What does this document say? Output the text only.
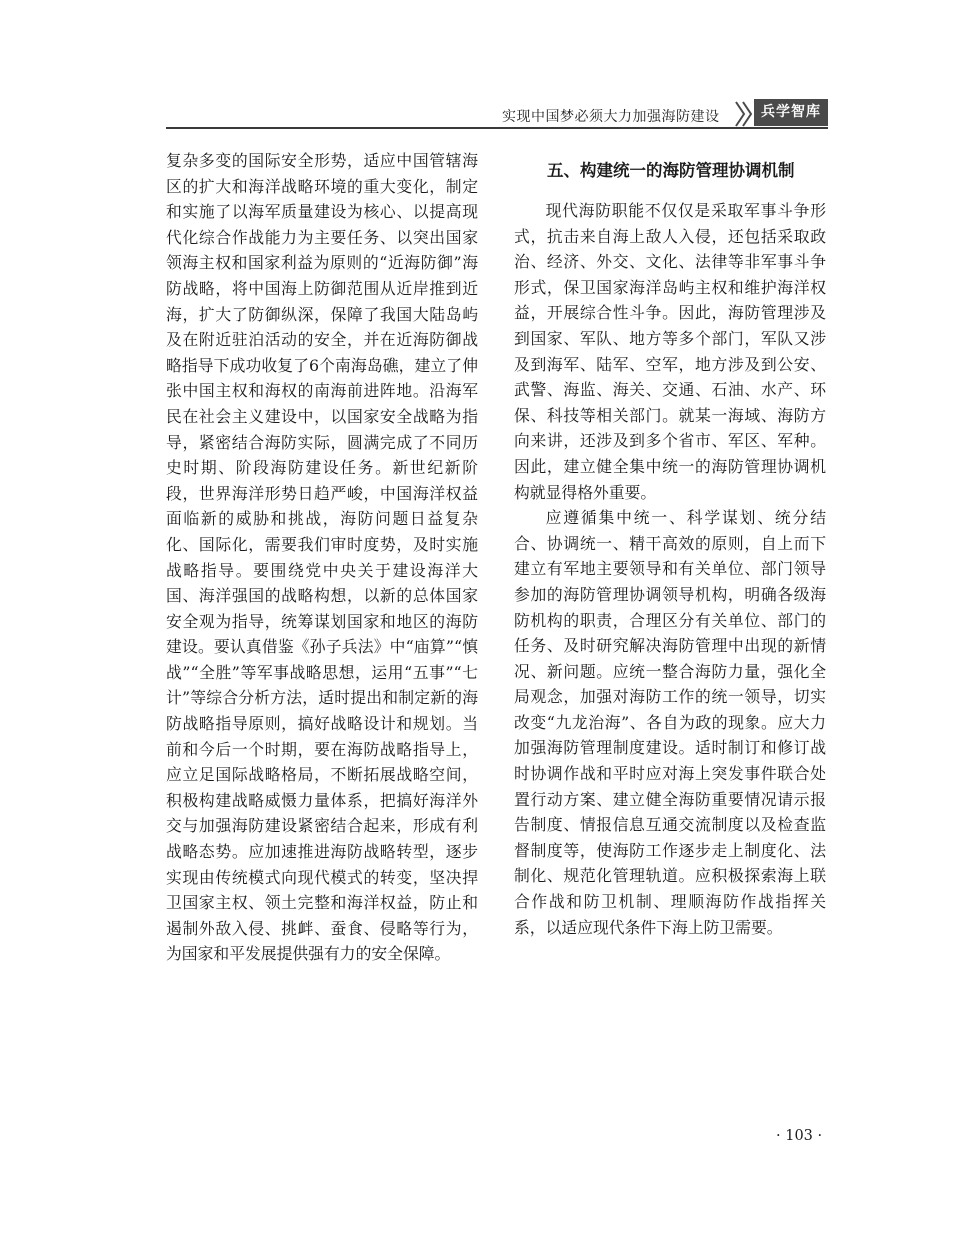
实现中国梦必须大力加强海防建设	兵学智库

复杂多变的国际安全形势，适应中国管辖海区的扩大和海洋战略环境的重大变化，制定和实施了以海军质量建设为核心、以提高现代化综合作战能力为主要任务、以突出国家领海主权和国家利益为原则的“近海防御”海防战略，将中国海上防御范围从近岸推到近海，扩大了防御纵深，保障了我国大陆岛屿及在附近驻泊活动的安全，并在近海防御战略指导下成功收复了6个南海岛礁，建立了伸张中国主权和海权的南海前进阵地。沿海军民在社会主义建设中，以国家安全战略为指导，紧密结合海防实际，圆满完成了不同历史时期、阶段海防建设任务。新世纪新阶段，世界海洋形势日趋严峻，中国海洋权益面临新的威胁和挑战，海防问题日益复杂化、国际化，需要我们审时度势，及时实施战略指导。要围绕党中央关于建设海洋大国、海洋强国的战略构想，以新的总体国家安全观为指导，统筹谋划国家和地区的海防建设。要认真借鉴《孙子兵法》中“庙算”“慎战”“全胜”等军事战略思想，运用“五事”“七计”等综合分析方法，适时提出和制定新的海防战略指导原则，搞好战略设计和规划。当前和今后一个时期，要在海防战略指导上，应立足国际战略格局，不断拓展战略空间，积极构建战略威慑力量体系，把搞好海洋外交与加强海防建设紧密结合起来，形成有利战略态势。应加速推进海防战略转型，逐步实现由传统模式向现代模式的转变，坚决捍卫国家主权、领土完整和海洋权益，防止和遏制外敌入侵、挑衅、蚕食、侵略等行为，为国家和平发展提供强有力的安全保障。

五、构建统一的海防管理协调机制

现代海防职能不仅仅是采取军事斗争形式，抗击来自海上敌人入侵，还包括采取政治、经济、外交、文化、法律等非军事斗争形式，保卫国家海洋岛屿主权和维护海洋权益，开展综合性斗争。因此，海防管理涉及到国家、军队、地方等多个部门，军队又涉及到海军、陆军、空军，地方涉及到公安、武警、海监、海关、交通、石油、水产、环保、科技等相关部门。就某一海域、海防方向来讲，还涉及到多个省市、军区、军种。因此，建立健全集中统一的海防管理协调机构就显得格外重要。

应遵循集中统一、科学谋划、统分结合、协调统一、精干高效的原则，自上而下建立有军地主要领导和有关单位、部门领导参加的海防管理协调领导机构，明确各级海防机构的职责，合理区分有关单位、部门的任务、及时研究解决海防管理中出现的新情况、新问题。应统一整合海防力量，强化全局观念，加强对海防工作的统一领导，切实改变“九龙治海”、各自为政的现象。应大力加强海防管理制度建设。适时制订和修订战时协调作战和平时应对海上突发事件联合处置行动方案、建立健全海防重要情况请示报告制度、情报信息互通交流制度以及检查监督制度等，使海防工作逐步走上制度化、法制化、规范化管理轨道。应积极探索海上联合作战和防卫机制、理顺海防作战指挥关系，以适应现代条件下海上防卫需要。

· 103 ·
